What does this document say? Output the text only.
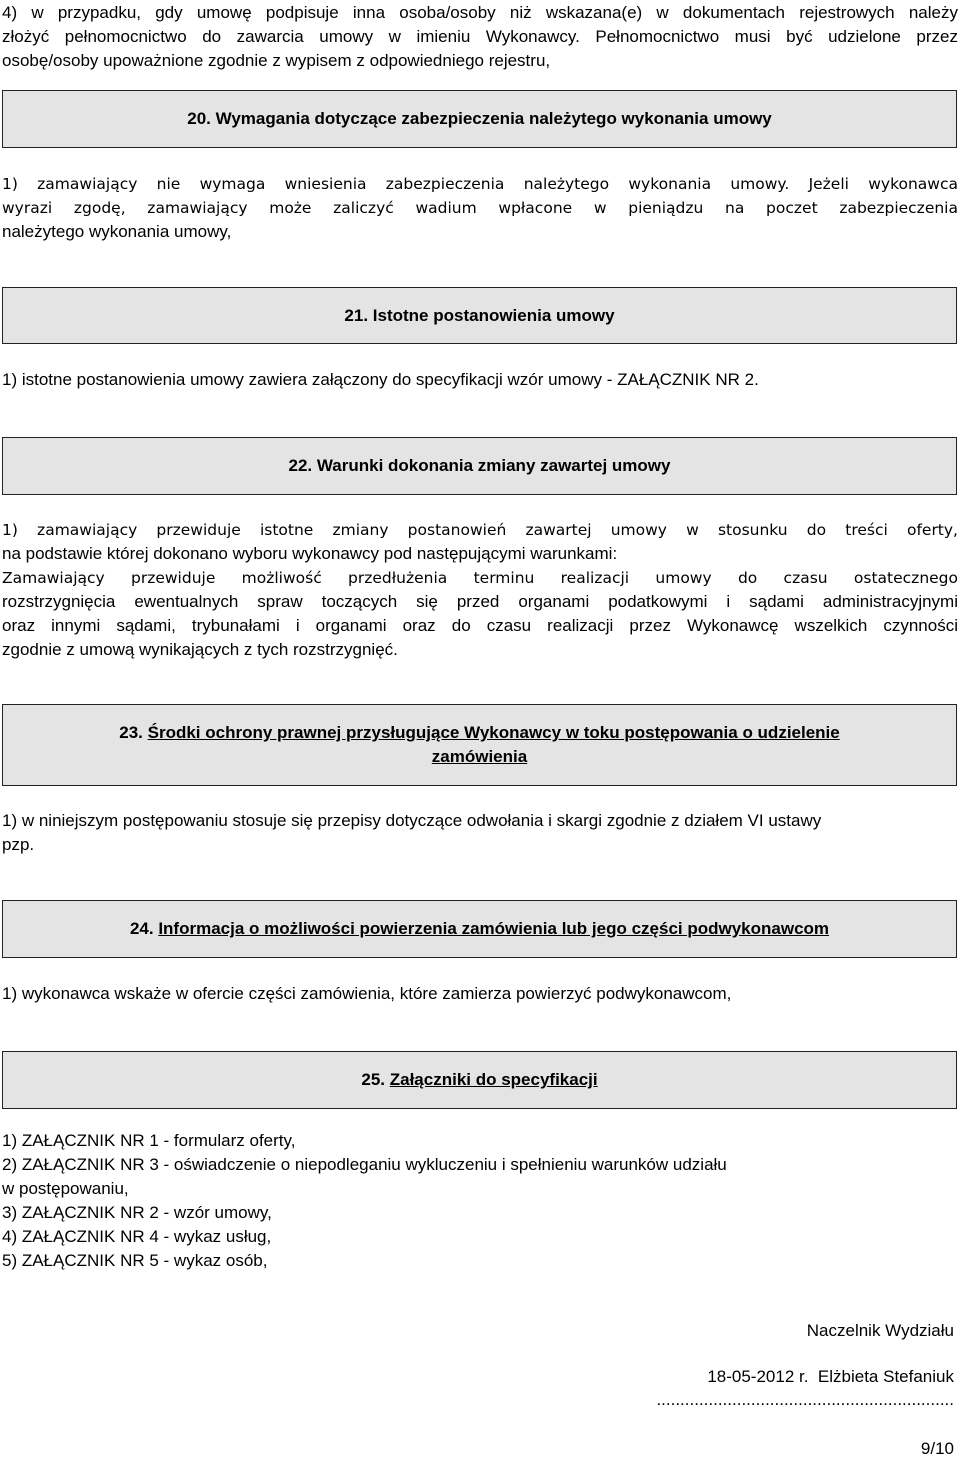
4) w przypadku, gdy umowę podpisuje inna osoba/osoby niż wskazana(e) w dokumentach rejestrowych należy
złożyć pełnomocnictwo do zawarcia umowy w imieniu Wykonawcy. Pełnomocnictwo musi być udzielone przez
osobę/osoby upoważnione zgodnie z wypisem z odpowiedniego rejestru,
20. Wymagania dotyczące zabezpieczenia należytego wykonania umowy
1) zamawiający nie wymaga wniesienia zabezpieczenia należytego wykonania umowy. Jeżeli wykonawca
wyrazi zgodę, zamawiający może zaliczyć wadium wpłacone w pieniądzu na poczet zabezpieczenia
należytego wykonania umowy,
21. Istotne postanowienia umowy
1) istotne postanowienia umowy zawiera załączony do specyfikacji wzór umowy - ZAŁĄCZNIK NR 2.
22. Warunki dokonania zmiany zawartej umowy
1) zamawiający przewiduje istotne zmiany postanowień zawartej umowy w stosunku do treści oferty,
na podstawie której dokonano wyboru wykonawcy pod następującymi warunkami:
Zamawiający przewiduje możliwość przedłużenia terminu realizacji umowy do czasu ostatecznego
rozstrzygnięcia ewentualnych spraw toczących się przed organami podatkowymi i sądami administracyjnymi
oraz innymi sądami, trybunałami i organami oraz do czasu realizacji przez Wykonawcę wszelkich czynności
zgodnie z umową wynikających z tych rozstrzygnięć.
23. Środki ochrony prawnej przysługujące Wykonawcy w toku postępowania o udzielenie
zamówienia
1) w niniejszym postępowaniu stosuje się przepisy dotyczące odwołania i skargi zgodnie z działem VI ustawy
pzp.
24. Informacja o możliwości powierzenia zamówienia lub jego części podwykonawcom
1) wykonawca wskaże w ofercie części zamówienia, które zamierza powierzyć podwykonawcom,
25. Załączniki do specyfikacji
1) ZAŁĄCZNIK NR 1 - formularz oferty,
2) ZAŁĄCZNIK NR 3 - oświadczenie o niepodleganiu wykluczeniu i spełnieniu warunków udziału
w postępowaniu,
3) ZAŁĄCZNIK NR 2 - wzór umowy,
4) ZAŁĄCZNIK NR 4 - wykaz usług,
5) ZAŁĄCZNIK NR 5 - wykaz osób,
Naczelnik Wydziału
18-05-2012 r.  Elżbieta Stefaniuk
...............................................................
9/10
